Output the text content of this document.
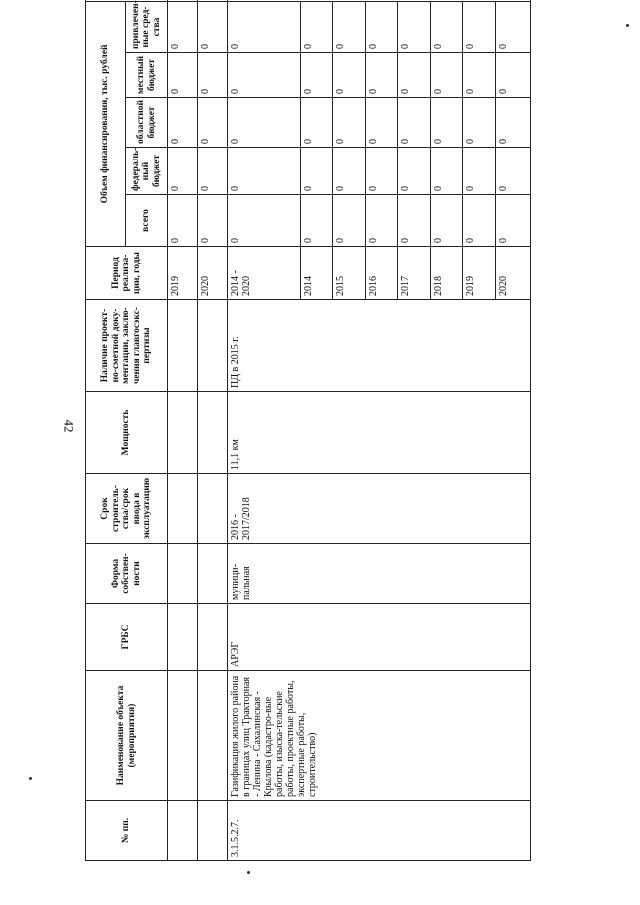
42
№ пп.	Наименование объекта (мероприятия)	ГРБС	Форма собствен-ности	Срок строитель-ства/срок ввода в эксплуатацию	Мощность	Наличие проект-но-сметной доку-ментации, заклю-чения главгосэкс-пертизы	Период реализа-ции, годы	Объем финансирования, тыс. рублей	
								всего	федераль-ный бюджет	областной бюджет	местный бюджет	привлечен-ные сред-ства	
							2019	0	0	0	0	0	
							2020	0	0	0	0	0	
3.1.5.2.7.	Газификация жилого района в границах улиц Тракторная - Ленина - Сахалинская - Крылова (кадастро-вые работы, изыска-тельские работы, проектные работы, экспертные работы, строительство)	АРЭГ	муници-пальная	2016 - 2017/2018	11,1 км	ПД в 2015 г.	2014 - 2020	0	0	0	0	0	
							2014	0	0	0	0	0	
							2015	0	0	0	0	0	
							2016	0	0	0	0	0	
							2017	0	0	0	0	0	
							2018	0	0	0	0	0	
							2019	0	0	0	0	0	
							2020	0	0	0	0	0	
